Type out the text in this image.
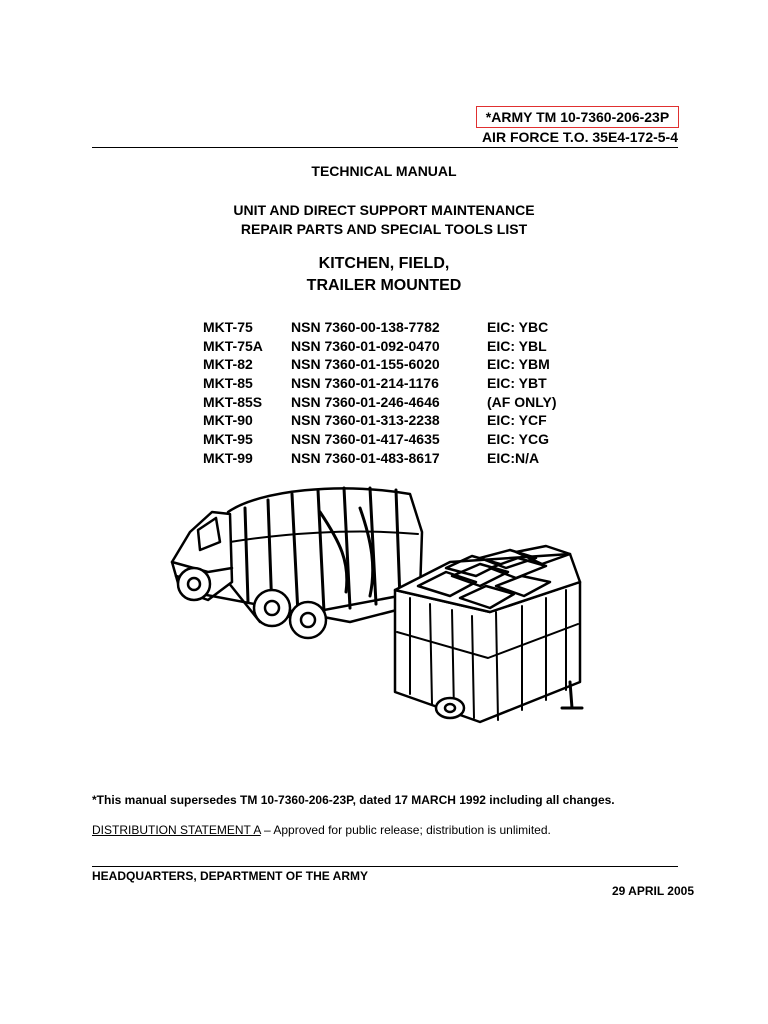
*ARMY TM 10-7360-206-23P
AIR FORCE T.O. 35E4-172-5-4
TECHNICAL MANUAL
UNIT AND DIRECT SUPPORT MAINTENANCE
REPAIR PARTS AND SPECIAL TOOLS LIST
KITCHEN, FIELD,
TRAILER MOUNTED
MKT-75	NSN 7360-00-138-7782	EIC: YBC
MKT-75A NSN 7360-01-092-0470	EIC: YBL
MKT-82	NSN 7360-01-155-6020	EIC: YBM
MKT-85	NSN 7360-01-214-1176	EIC: YBT
MKT-85S NSN 7360-01-246-4646	(AF ONLY)
MKT-90	NSN 7360-01-313-2238	EIC: YCF
MKT-95	NSN 7360-01-417-4635	EIC: YCG
MKT-99	NSN 7360-01-483-8617	EIC:N/A
*This manual supersedes TM 10-7360-206-23P, dated 17 MARCH 1992 including all changes.
DISTRIBUTION STATEMENT A – Approved for public release; distribution is unlimited.
HEADQUARTERS, DEPARTMENT OF THE ARMY
29 APRIL 2005
